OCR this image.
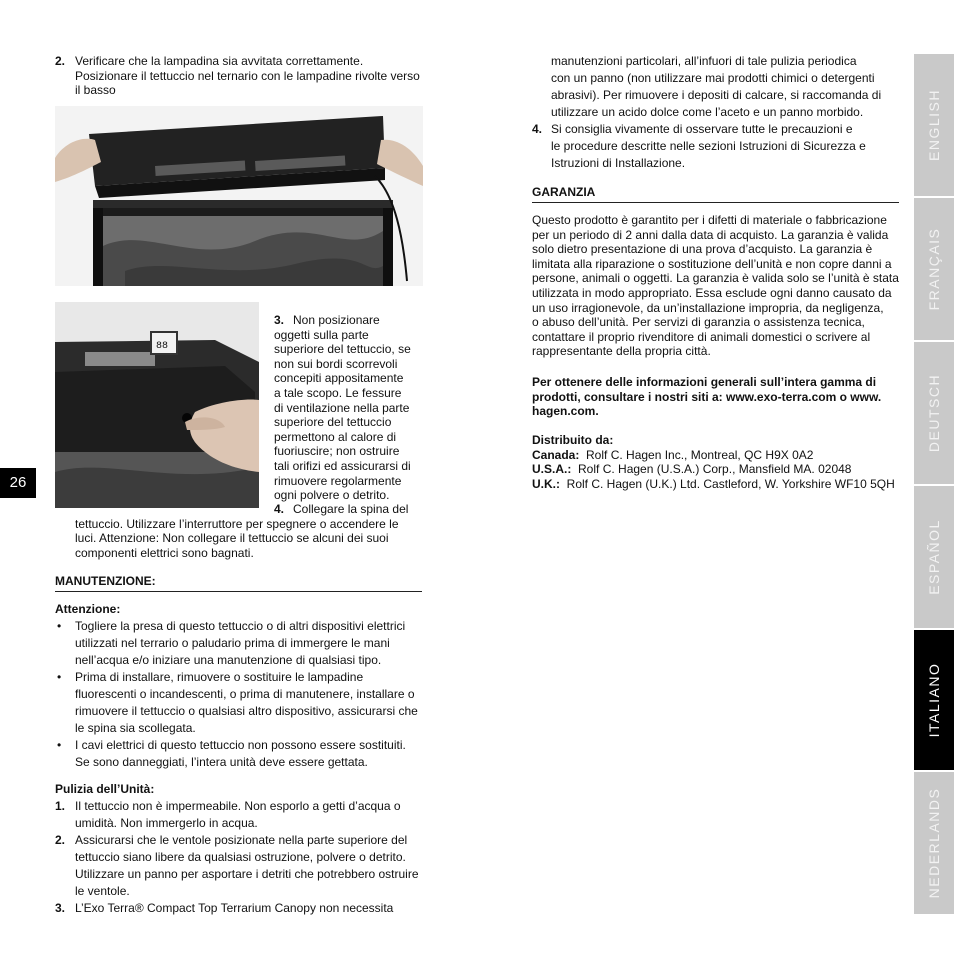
2. Verificare che la lampadina sia avvitata correttamente.

Posizionare il tettuccio nel ternario con le lampadine rivolte verso

il basso

88
3. Non posizionare

oggetti sulla parte

superiore del tettuccio, se

non sui bordi scorrevoli

concepiti appositamente

a tale scopo. Le fessure

di ventilazione nella parte

superiore del tettuccio

permettono al calore di

fuoriuscire; non ostruire

tali orifizi ed assicurarsi di

rimuovere regolarmente

ogni polvere o detrito.

4. Collegare la spina del

tettuccio. Utilizzare l’interruttore per spegnere o accendere le

luci. Attenzione: Non collegare il tettuccio se alcuni dei suoi

componenti elettrici sono bagnati.

MANUTENZIONE:

Attenzione:

• Togliere la presa di questo tettuccio o di altri dispositivi elettrici

utilizzati nel terrario o paludario prima di immergere le mani

nell’acqua e/o iniziare una manutenzione di qualsiasi tipo.

• Prima di installare, rimuovere o sostituire le lampadine

fluorescenti o incandescenti, o prima di manutenere, installare o

rimuovere il tettuccio o qualsiasi altro dispositivo, assicurarsi che

le spina sia scollegata.

• I cavi elettrici di questo tettuccio non possono essere sostituiti.

Se sono danneggiati, l’intera unità deve essere gettata.

Pulizia dell’Unità:

1. Il tettuccio non è impermeabile. Non esporlo a getti d’acqua o

umidità. Non immergerlo in acqua.

2. Assicurarsi che le ventole posizionate nella parte superiore del

tettuccio siano libere da qualsiasi ostruzione, polvere o detrito.

Utilizzare un panno per asportare i detriti che potrebbero ostruire

le ventole.

3. L’Exo Terra® Compact Top Terrarium Canopy non necessita

manutenzioni particolari, all’infuori di tale pulizia periodica

con un panno (non utilizzare mai prodotti chimici o detergenti

abrasivi). Per rimuovere i depositi di calcare, si raccomanda di

utilizzare un acido dolce come l’aceto e un panno morbido.

4. Si consiglia vivamente di osservare tutte le precauzioni e

le procedure descritte nelle sezioni Istruzioni di Sicurezza e

Istruzioni di Installazione.

GARANZIA

Questo prodotto è garantito per i difetti di materiale o fabbricazione

per un periodo di 2 anni dalla data di acquisto. La garanzia è valida

solo dietro presentazione di una prova d’acquisto. La garanzia è

limitata alla riparazione o sostituzione dell’unità e non copre danni a

persone, animali o oggetti. La garanzia è valida solo se l’unità è stata

utilizzata in modo appropriato. Essa esclude ogni danno causato da

un uso irragionevole, da un’installazione impropria, da negligenza,

o abuso dell’unità. Per servizi di garanzia o assistenza tecnica,

contattare il proprio rivenditore di animali domestici o scrivere al

rappresentante della propria città.

Per ottenere delle informazioni generali sull’intera gamma di

prodotti, consultare i nostri siti a: www.exo-terra.com o www.

hagen.com.

Distribuito da:

Canada: Rolf C. Hagen Inc., Montreal, QC H9X 0A2

U.S.A.: Rolf C. Hagen (U.S.A.) Corp., Mansfield MA. 02048

U.K.: Rolf C. Hagen (U.K.) Ltd. Castleford, W. Yorkshire WF10 5QH

26
ENGLISH
FRANÇAIS
DEUTSCH
ESPAÑOL
ITALIANO
NEDERLANDS
